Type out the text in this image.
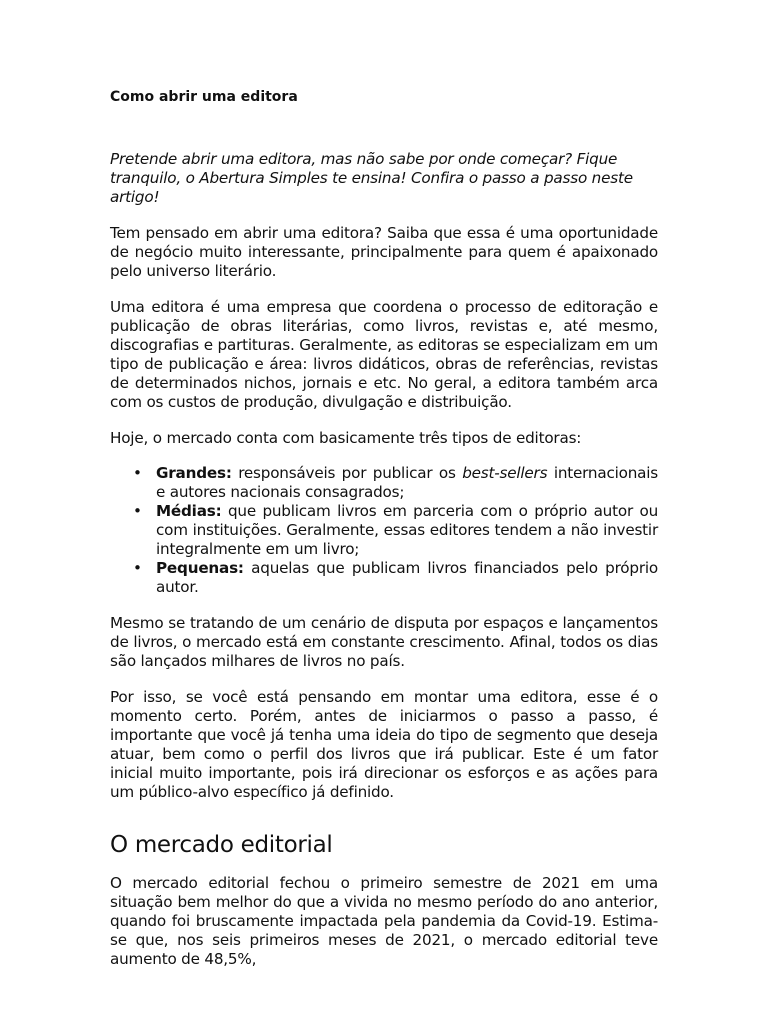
Como abrir uma editora

Pretende abrir uma editora, mas não sabe por onde começar? Fique tranquilo, o Abertura Simples te ensina! Confira o passo a passo neste artigo!

Tem pensado em abrir uma editora? Saiba que essa é uma oportunidade de negócio muito interessante, principalmente para quem é apaixonado pelo universo literário.

Uma editora é uma empresa que coordena o processo de editoração e publicação de obras literárias, como livros, revistas e, até mesmo, discografias e partituras. Geralmente, as editoras se especializam em um tipo de publicação e área: livros didáticos, obras de referências, revistas de determinados nichos, jornais e etc. No geral, a editora também arca com os custos de produção, divulgação e distribuição.

Hoje, o mercado conta com basicamente três tipos de editoras:

• Grandes: responsáveis por publicar os best-sellers internacionais e autores nacionais consagrados;
• Médias: que publicam livros em parceria com o próprio autor ou com instituições. Geralmente, essas editores tendem a não investir integralmente em um livro;
• Pequenas: aquelas que publicam livros financiados pelo próprio autor.

Mesmo se tratando de um cenário de disputa por espaços e lançamentos de livros, o mercado está em constante crescimento. Afinal, todos os dias são lançados milhares de livros no país.

Por isso, se você está pensando em montar uma editora, esse é o momento certo. Porém, antes de iniciarmos o passo a passo, é importante que você já tenha uma ideia do tipo de segmento que deseja atuar, bem como o perfil dos livros que irá publicar. Este é um fator inicial muito importante, pois irá direcionar os esforços e as ações para um público-alvo específico já definido.

O mercado editorial

O mercado editorial fechou o primeiro semestre de 2021 em uma situação bem melhor do que a vivida no mesmo período do ano anterior, quando foi bruscamente impactada pela pandemia da Covid-19. Estima-se que, nos seis primeiros meses de 2021, o mercado editorial teve aumento de 48,5%,
